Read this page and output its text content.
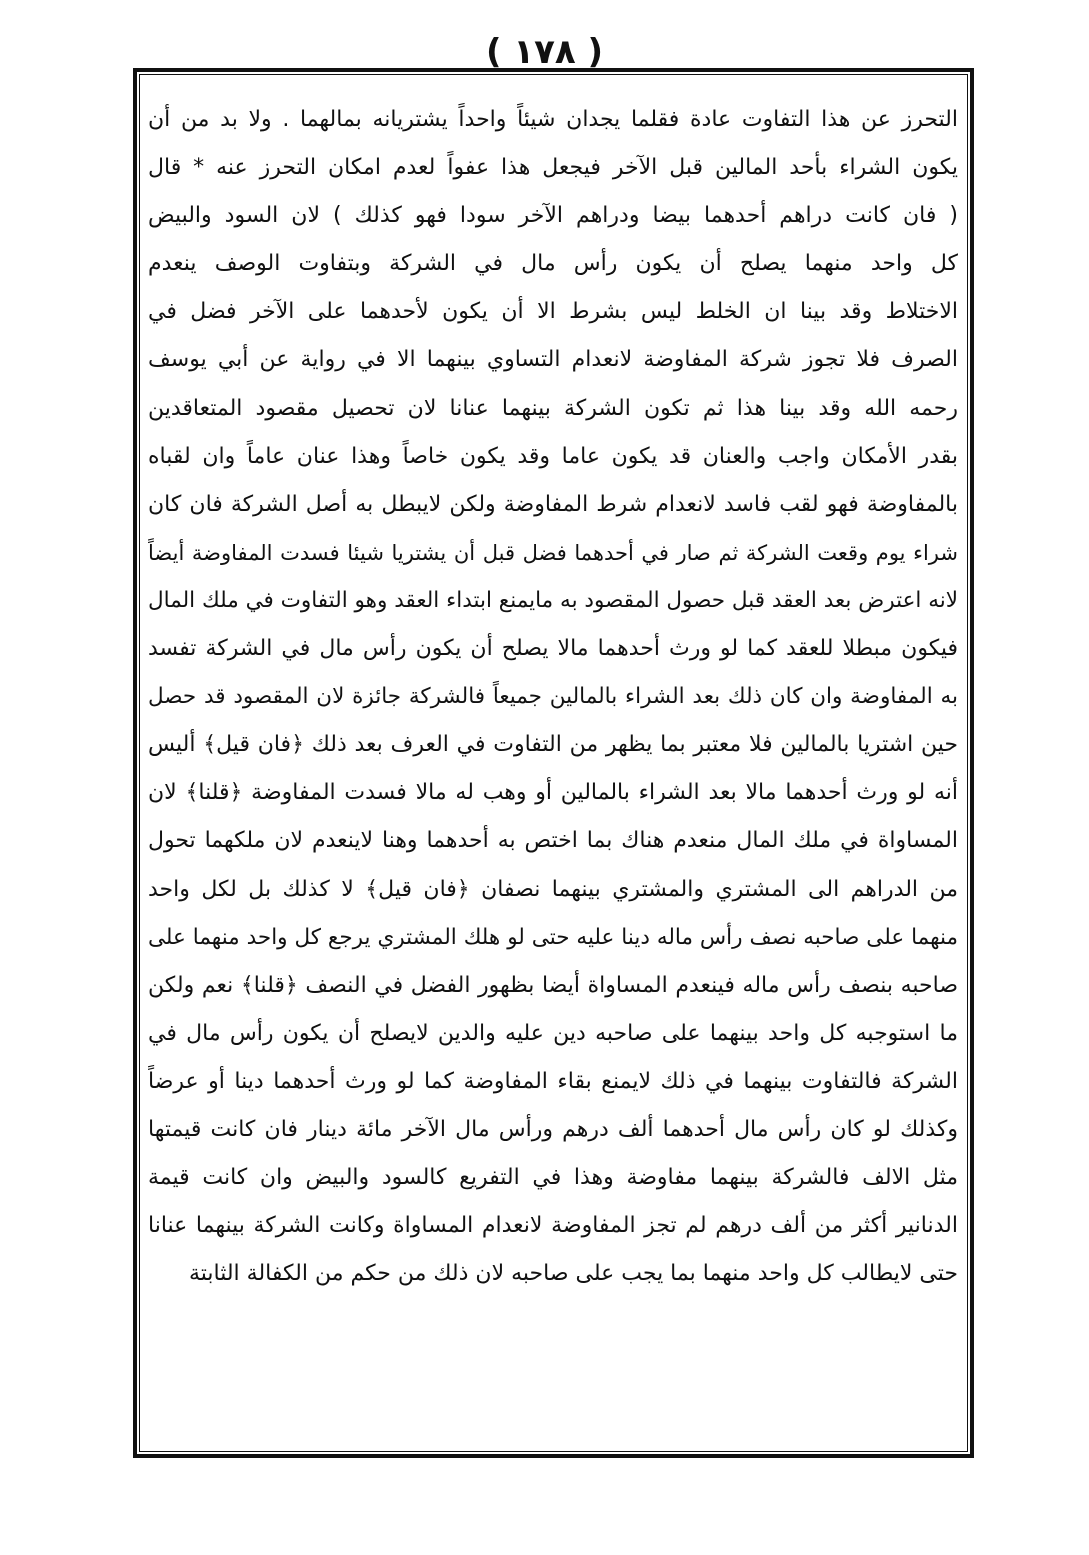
( ١٧٨ )
التحرز عن هذا التفاوت عادة فقلما يجدان شيئاً واحداً يشتريانه بمالهما . ولا بد من أن
يكون الشراء بأحد المالين قبل الآخر فيجعل هذا عفواً لعدم امكان التحرز عنه * قال
( فان كانت دراهم أحدهما بيضا ودراهم الآخر سودا فهو كذلك ) لان السود والبيض
كل واحد منهما يصلح أن يكون رأس مال في الشركة وبتفاوت الوصف ينعدم
الاختلاط وقد بينا ان الخلط ليس بشرط الا أن يكون لأحدهما على الآخر فضل في
الصرف فلا تجوز شركة المفاوضة لانعدام التساوي بينهما الا في رواية عن أبي يوسف
رحمه الله وقد بينا هذا ثم تكون الشركة بينهما عنانا لان تحصيل مقصود المتعاقدين
بقدر الأمكان واجب والعنان قد يكون عاما وقد يكون خاصاً وهذا عنان عاماً وان لقباه
بالمفاوضة فهو لقب فاسد لانعدام شرط المفاوضة ولكن لايبطل به أصل الشركة فان كان
شراء يوم وقعت الشركة ثم صار في أحدهما فضل قبل أن يشتريا شيئا فسدت المفاوضة أيضاً
لانه اعترض بعد العقد قبل حصول المقصود به مايمنع ابتداء العقد وهو التفاوت في ملك المال
فيكون مبطلا للعقد كما لو ورث أحدهما مالا يصلح أن يكون رأس مال في الشركة تفسد
به المفاوضة وان كان ذلك بعد الشراء بالمالين جميعاً فالشركة جائزة لان المقصود قد حصل
حين اشتريا بالمالين فلا معتبر بما يظهر من التفاوت في العرف بعد ذلك ﴿فان قيل﴾ أليس
أنه لو ورث أحدهما مالا بعد الشراء بالمالين أو وهب له مالا فسدت المفاوضة ﴿قلنا﴾ لان
المساواة في ملك المال منعدم هناك بما اختص به أحدهما وهنا لاينعدم لان ملكهما تحول
من الدراهم الى المشتري والمشتري بينهما نصفان ﴿فان قيل﴾ لا كذلك بل لكل واحد
منهما على صاحبه نصف رأس ماله دينا عليه حتى لو هلك المشتري يرجع كل واحد منهما على
صاحبه بنصف رأس ماله فينعدم المساواة أيضا بظهور الفضل في النصف ﴿قلنا﴾ نعم ولكن
ما استوجبه كل واحد بينهما على صاحبه دين عليه والدين لايصلح أن يكون رأس مال في
الشركة فالتفاوت بينهما في ذلك لايمنع بقاء المفاوضة كما لو ورث أحدهما دينا أو عرضاً
وكذلك لو كان رأس مال أحدهما ألف درهم ورأس مال الآخر مائة دينار فان كانت قيمتها
مثل الالف فالشركة بينهما مفاوضة وهذا في التفريع كالسود والبيض وان كانت قيمة
الدنانير أكثر من ألف درهم لم تجز المفاوضة لانعدام المساواة وكانت الشركة بينهما عنانا
حتى لايطالب كل واحد منهما بما يجب على صاحبه لان ذلك من حكم من الكفالة الثابتة
